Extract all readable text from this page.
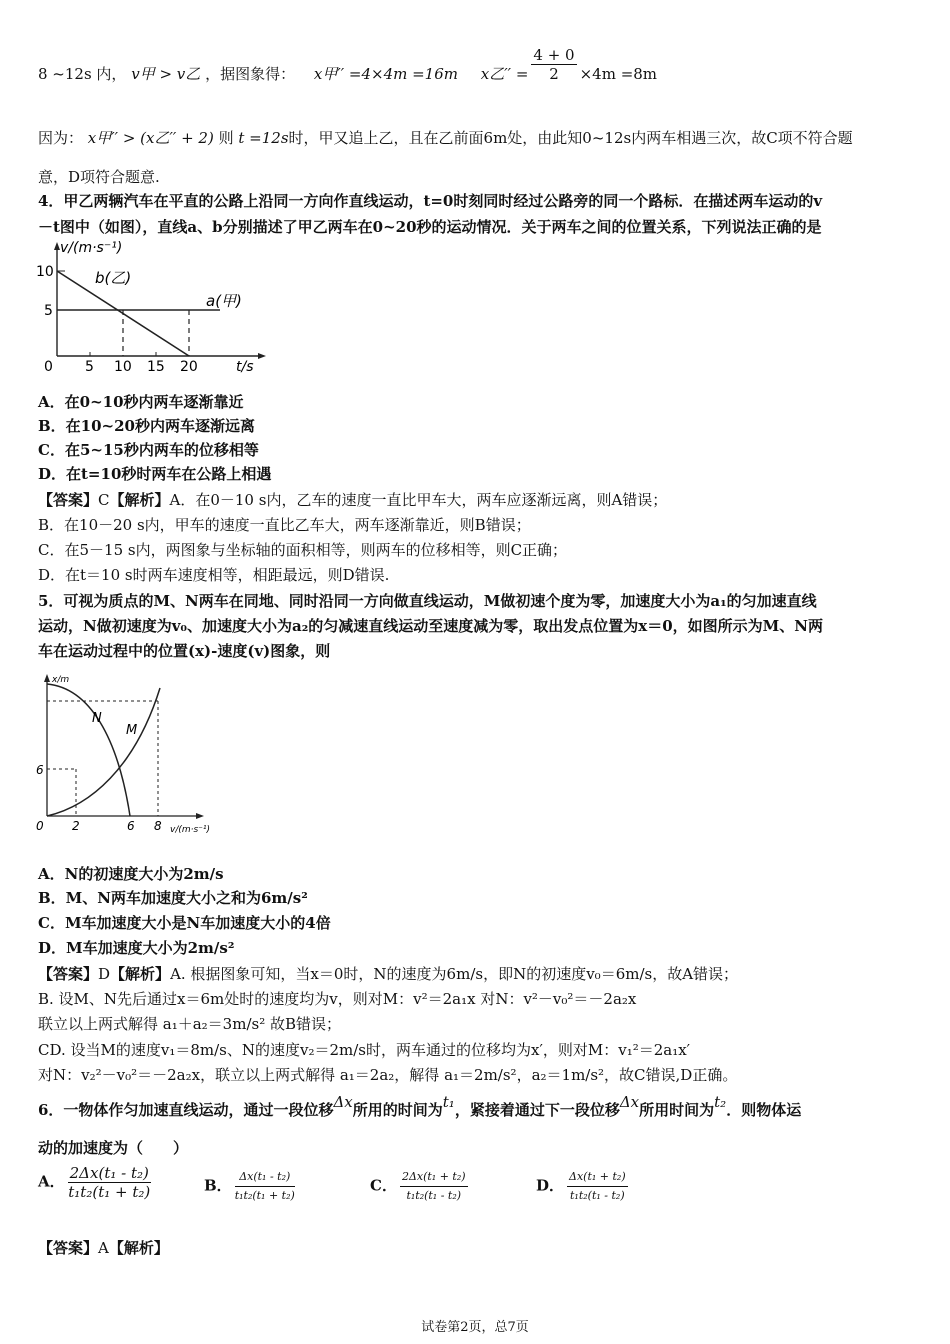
8 ~12s 内， v甲 > v乙 ，据图象得： x甲′′ =4×4m =16m x乙′′ = $\frac{4 + 0}{2} \times 4m =8m$
因为： x甲′′ > (x乙′′ + 2) 则 t =12s时，甲又追上乙，且在乙前面6m处，由此知0~12s内两车相遇三次，故C项不符合题
意，D项符合题意.
4．甲乙两辆汽车在平直的公路上沿同一方向作直线运动，t=0时刻同时经过公路旁的同一个路标．在描述两车运动的v
－t图中（如图），直线a、b分别描述了甲乙两车在0~20秒的运动情况．关于两车之间的位置关系，下列说法正确的是
v/(m·s⁻¹)
10
5
0 5 10 15 20	t/s
a(甲)
b(乙)
A．在0~10秒内两车逐渐靠近
B．在10~20秒内两车逐渐远离
C．在5~15秒内两车的位移相等
D．在t=10秒时两车在公路上相遇
【答案】C【解析】A．在0－10 s内，乙车的速度一直比甲车大，两车应逐渐远离，则A错误；
B．在10－20 s内，甲车的速度一直比乙车大，两车逐渐靠近，则B错误；
C．在5－15 s内，两图象与坐标轴的面积相等，则两车的位移相等，则C正确；
D．在t＝10 s时两车速度相等，相距最远，则D错误.
5．可视为质点的M、N两车在同地、同时沿同一方向做直线运动，M做初速个度为零，加速度大小为a₁的匀加速直线
运动，N做初速度为v₀、加速度大小为a₂的匀减速直线运动至速度减为零，取出发点位置为x＝0，如图所示为M、N两
车在运动过程中的位置(x)-速度(v)图象，则
x/m
6
0 2	6 8 v/(m·s⁻¹)
N
M
A．N的初速度大小为2m/s
B．M、N两车加速度大小之和为6m/s²
C．M车加速度大小是N车加速度大小的4倍
D．M车加速度大小为2m/s²
【答案】D【解析】A. 根据图象可知，当x＝0时，N的速度为6m/s，即N的初速度v₀＝6m/s，故A错误；
B. 设M、N先后通过x＝6m处时的速度均为v，则对M：v²＝2a₁x 对N：v²－v₀²＝－2a₂x
联立以上两式解得 a₁＋a₂＝3m/s² 故B错误；
CD. 设当M的速度v₁＝8m/s、N的速度v₂＝2m/s时，两车通过的位移均为x′，则对M：v₁²＝2a₁x′
对N：v₂²－v₀²＝－2a₂x，联立以上两式解得 a₁＝2a₂，解得 a₁＝2m/s²，a₂＝1m/s²，故C错误,D正确。
6．一物体作匀加速直线运动，通过一段位移Δx所用的时间为t₁，紧接着通过下一段位移Δx所用时间为t₂．则物体运
动的加速度为（　　）
A． $\frac{\text{2Δx(t₁ - t₂)}}{\text{t₁t₂(t₁ + t₂)}}$	B． $\frac{\text{Δx(t₁ - t₂)}}{\text{t₁t₂(t₁ + t₂)}}$	C． $\frac{\text{2Δx(t₁ + t₂)}}{\text{t₁t₂(t₁ - t₂)}}$	D． $\frac{\text{Δx(t₁ + t₂)}}{\text{t₁t₂(t₁ - t₂)}}$
【答案】A【解析】
试卷第2页，总7页
